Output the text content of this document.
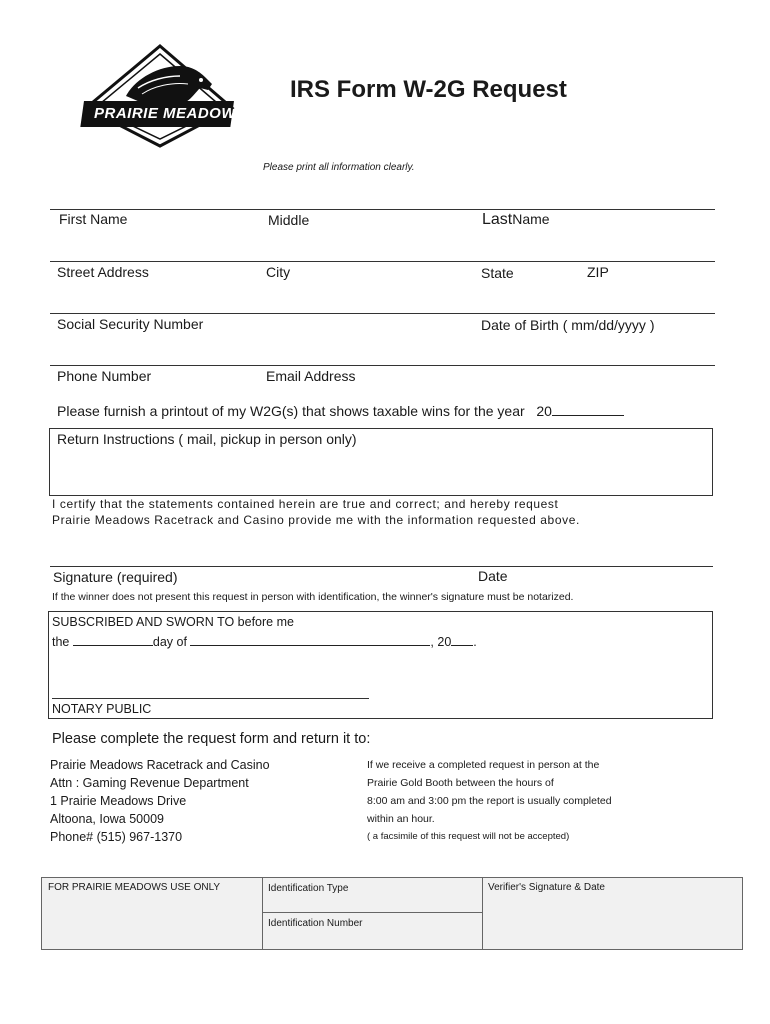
PRAIRIE MEADOWS
IRS Form W-2G Request
Please print all information clearly.
First Name	Middle	LastName
Street Address	City	State	ZIP
Social Security Number	Date of Birth ( mm/dd/yyyy )
Phone Number	Email Address
Please furnish a printout of my W2G(s) that shows taxable wins for the year 20
Return Instructions ( mail, pickup in person only)
I certify that the statements contained herein are true and correct; and hereby request
Prairie Meadows Racetrack and Casino provide me with the information requested above.
Signature (required)	Date
If the winner does not present this request in person with identification, the winner's signature must be notarized.
SUBSCRIBED AND SWORN TO before me
the	day of	, 20 .
NOTARY PUBLIC
Please complete the request form and return it to:
Prairie Meadows Racetrack and Casino
Attn : Gaming Revenue Department
1 Prairie Meadows Drive
Altoona, Iowa 50009
Phone# (515) 967-1370
If we receive a completed request in person at the
Prairie Gold Booth between the hours of
8:00 am and 3:00 pm the report is usually completed
within an hour.
( a facsimile of this request will not be accepted)
FOR PRAIRIE MEADOWS USE ONLY	Identification Type
Identification Number
Verifier's Signature & Date
